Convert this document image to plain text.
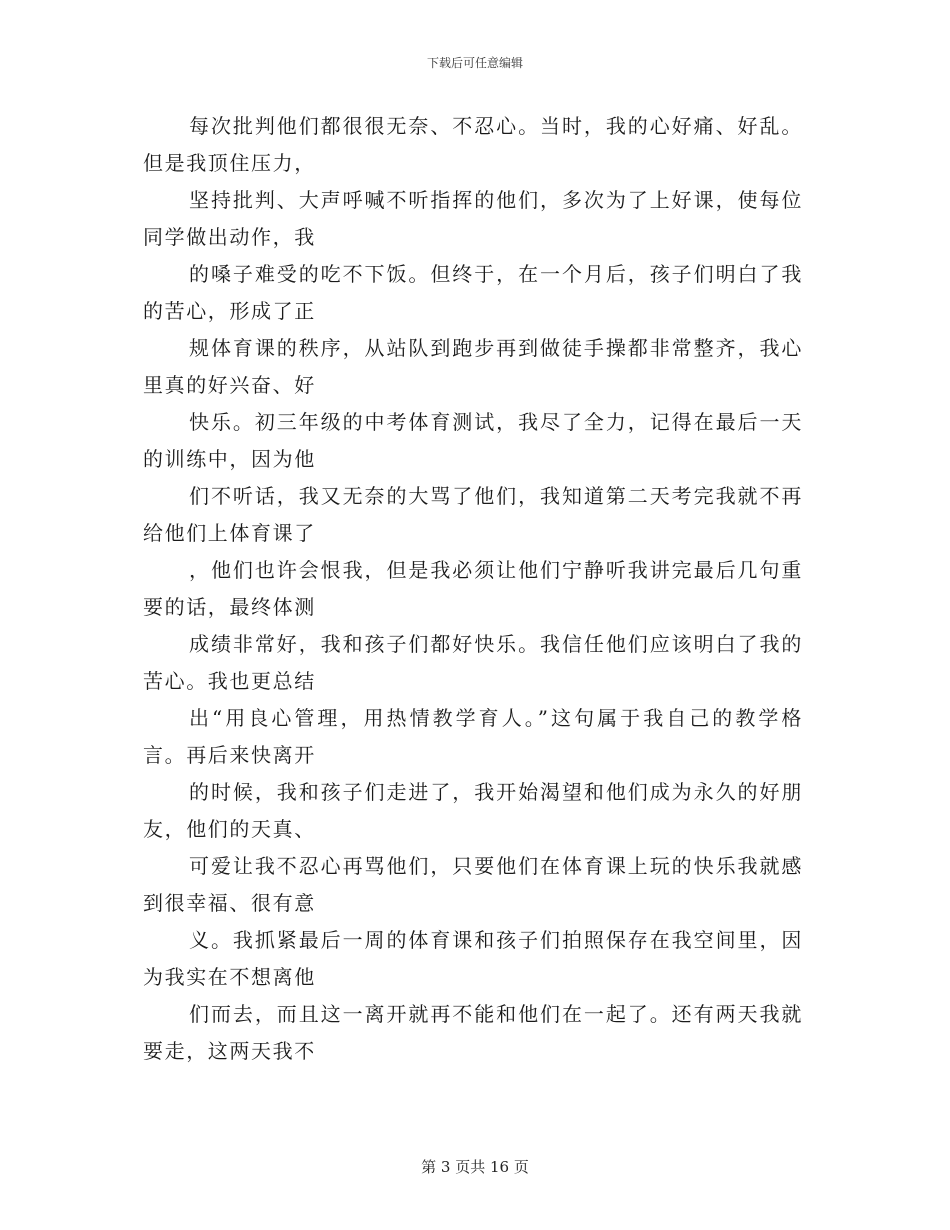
下载后可任意编辑

每次批判他们都很很无奈、不忍心。当时，我的心好痛、好乱。但是我顶住压力，

坚持批判、大声呼喊不听指挥的他们，多次为了上好课，使每位同学做出动作，我

的嗓子难受的吃不下饭。但终于，在一个月后，孩子们明白了我的苦心，形成了正

规体育课的秩序，从站队到跑步再到做徒手操都非常整齐，我心里真的好兴奋、好

快乐。初三年级的中考体育测试，我尽了全力，记得在最后一天的训练中，因为他

们不听话，我又无奈的大骂了他们，我知道第二天考完我就不再给他们上体育课了

，他们也许会恨我，但是我必须让他们宁静听我讲完最后几句重要的话，最终体测

成绩非常好，我和孩子们都好快乐。我信任他们应该明白了我的苦心。我也更总结

出“用良心管理，用热情教学育人。”这句属于我自己的教学格言。再后来快离开

的时候，我和孩子们走进了，我开始渴望和他们成为永久的好朋友，他们的天真、

可爱让我不忍心再骂他们，只要他们在体育课上玩的快乐我就感到很幸福、很有意

义。我抓紧最后一周的体育课和孩子们拍照保存在我空间里，因为我实在不想离他

们而去，而且这一离开就再不能和他们在一起了。还有两天我就要走，这两天我不

第 3 页共 16 页
